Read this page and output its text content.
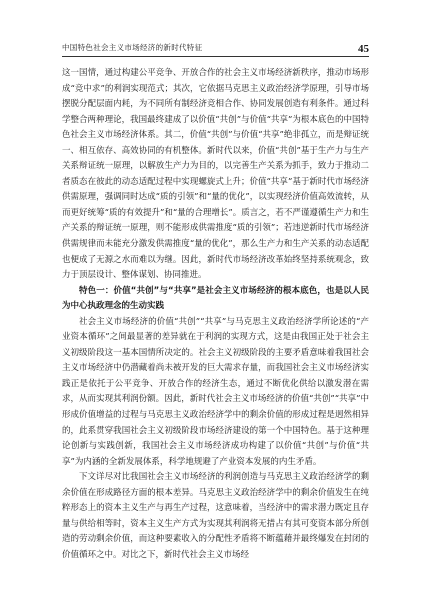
中国特色社会主义市场经济的新时代特征	45

这一国情，通过构建公平竞争、开放合作的社会主义市场经济新秩序，推动市场形成“竞中求”的利润实现范式；其次，它依据马克思主义政治经济学原理，引导市场摆脱分配层面内耗，为不同所有制经济竞相合作、协同发展创造有利条件。通过科学整合两种理论，我国最终建成了以价值“共创”与价值“共享”为根本底色的中国特色社会主义市场经济体系。其二，价值“共创”与价值“共享”绝非孤立，而是辩证统一、相互依存、高效协同的有机整体。新时代以来，价值“共创”基于生产力与生产关系辩证统一原理，以解放生产力为目的，以完善生产关系为抓手，致力于推动二者质态在彼此的动态适配过程中实现螺旋式上升；价值“共享”基于新时代市场经济供需原理，强调同时达成“质的引领”和“量的优化”，以实现经济价值高效流转，从而更好统筹“质的有效提升”和“量的合理增长”。质言之，若不严谨遵循生产力和生产关系的辩证统一原理，则不能形成供需推度“质的引领”；若违逆新时代市场经济供需规律而未能充分激发供需推度“量的优化”，那么生产力和生产关系的动态适配也便成了无源之水而难以为继。因此，新时代市场经济改革始终坚持系统观念，致力于顶层设计、整体谋划、协同推进。

特色一：价值“共创”与“共享”是社会主义市场经济的根本底色，也是以人民为中心执政理念的生动实践

社会主义市场经济的价值“共创”“共享”与马克思主义政治经济学所论述的“产业资本循环”之间最显著的差异就在于利润的实现方式，这是由我国正处于社会主义初级阶段这一基本国情所决定的。社会主义初级阶段的主要矛盾意味着我国社会主义市场经济中仍潜藏着尚未被开发的巨大需求存量，而我国社会主义市场经济实践正是依托于公平竞争、开放合作的经济生态，通过不断优化供给以激发潜在需求，从而实现其利润份额。因此，新时代社会主义市场经济的价值“共创”“共享”中形成价值增益的过程与马克思主义政治经济学中的剩余价值的形成过程是迥然相异的，此系贯穿我国社会主义初级阶段市场经济建设的第一个中国特色。基于这种理论创新与实践创新，我国社会主义市场经济成功构建了以价值“共创”与价值“共享”为内涵的全新发展体系，科学地规避了产业资本发展的内生矛盾。

下文详尽对比我国社会主义市场经济的利润创造与马克思主义政治经济学的剩余价值在形成路径方面的根本差异。马克思主义政治经济学中的剩余价值发生在纯粹形态上的资本主义生产与再生产过程，这意味着，当经济中的需求潜力既定且存量与供给相等时，资本主义生产方式为实现其利润将无措占有其可变资本部分所创造的劳动剩余价值，而这种要素收入的分配性矛盾将不断蕴藉并最终爆发在封闭的价值循环之中。对比之下，新时代社会主义市场经
